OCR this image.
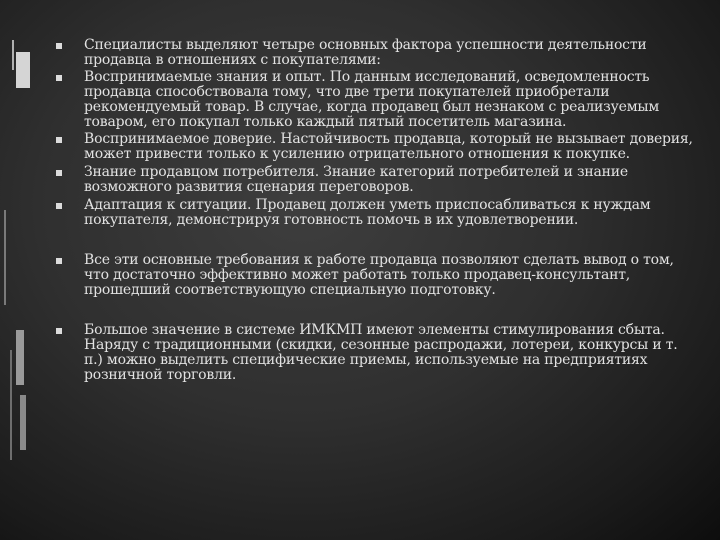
Специалисты выделяют четыре основных фактора успешности деятельности продавца в отношениях с покупателями:
Воспринимаемые знания и опыт. По данным исследований, осведомленность продавца способствовала тому, что две трети покупателей приобретали рекомендуемый товар. В случае, когда продавец был незнаком с реализуемым товаром, его покупал только каждый пятый посетитель магазина.
Воспринимаемое доверие. Настойчивость продавца, который не вызывает доверия, может привести только к усилению отрицательного отношения к покупке.
Знание продавцом потребителя. Знание категорий потребителей и знание возможного развития сценария переговоров.
Адаптация к ситуации. Продавец должен уметь приспосабливаться к нуждам покупателя, демонстрируя готовность помочь в их удовлетворении.
Все эти основные требования к работе продавца позволяют сделать вывод о том, что достаточно эффективно может работать только продавец-консультант, прошедший соответствующую специальную подготовку.
Большое значение в системе ИМКМП имеют элементы стимулирования сбыта. Наряду с традиционными (скидки, сезонные распродажи, лотереи, конкурсы и т. п.) можно выделить специфические приемы, используемые на предприятиях розничной торговли.
